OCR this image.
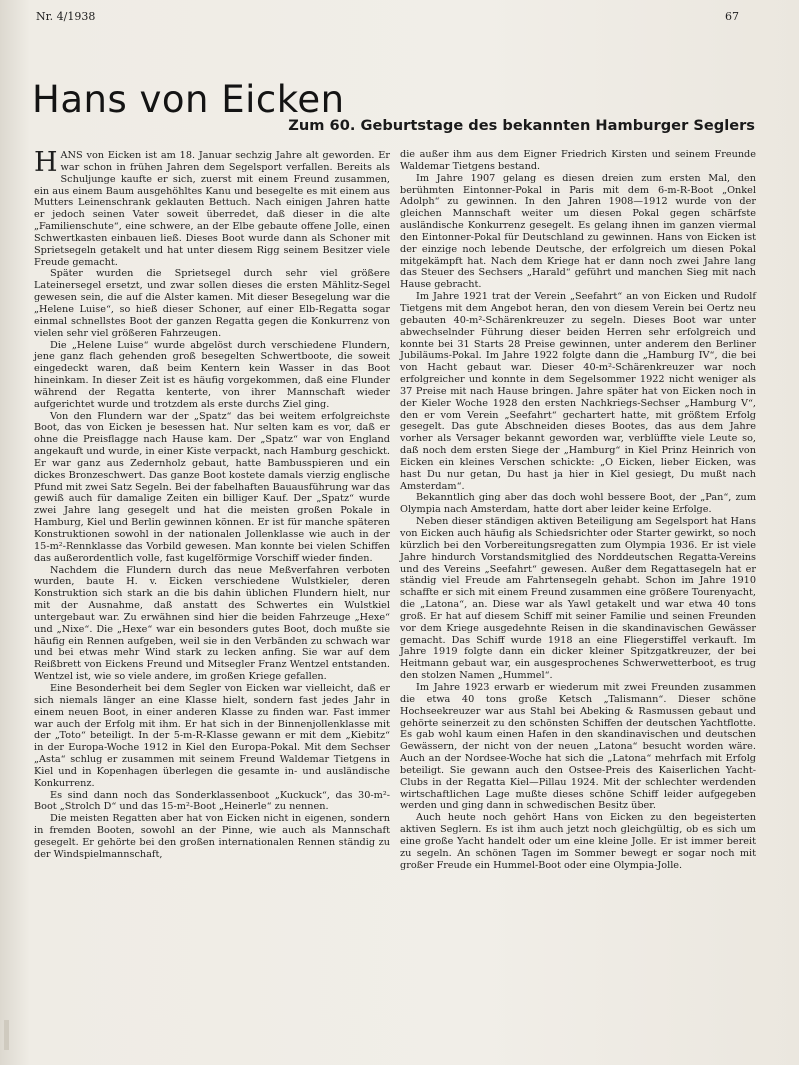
Nr. 4/1938	67
Hans von Eicken
Zum 60. Geburtstage des bekannten Hamburger Seglers

HANS von Eicken ist am 18. Januar sechzig Jahre alt geworden. Er war schon in frühen Jahren dem Segelsport verfallen. Bereits als Schuljunge kaufte er sich, zuerst mit einem Freund zusammen, ein aus einem Baum ausgehöhltes Kanu und besegelte es mit einem aus Mutters Leinenschrank geklauten Bettuch. Nach einigen Jahren hatte er jedoch seinen Vater soweit überredet, daß dieser in die alte „Familienschute“, eine schwere, an der Elbe gebaute offene Jolle, einen Schwertkasten einbauen ließ. Dieses Boot wurde dann als Schoner mit Sprietsegeln getakelt und hat unter diesem Rigg seinem Besitzer viele Freude gemacht.

Später wurden die Sprietsegel durch sehr viel größere Lateinersegel ersetzt, und zwar sollen dieses die ersten Mählitz-Segel gewesen sein, die auf die Alster kamen. Mit dieser Besegelung war die „Helene Luise“, so hieß dieser Schoner, auf einer Elb-Regatta sogar einmal schnellstes Boot der ganzen Regatta gegen die Konkurrenz von vielen sehr viel größeren Fahrzeugen.

Die „Helene Luise“ wurde abgelöst durch verschiedene Flundern, jene ganz flach gehenden groß besegelten Schwertboote, die soweit eingedeckt waren, daß beim Kentern kein Wasser in das Boot hineinkam. In dieser Zeit ist es häufig vorgekommen, daß eine Flunder während der Regatta kenterte, von ihrer Mannschaft wieder aufgerichtet wurde und trotzdem als erste durchs Ziel ging.

Von den Flundern war der „Spatz“ das bei weitem erfolgreichste Boot, das von Eicken je besessen hat. Nur selten kam es vor, daß er ohne die Preisflagge nach Hause kam. Der „Spatz“ war von England angekauft und wurde, in einer Kiste verpackt, nach Hamburg geschickt. Er war ganz aus Zedernholz gebaut, hatte Bambusspieren und ein dickes Bronzeschwert. Das ganze Boot kostete damals vierzig englische Pfund mit zwei Satz Segeln. Bei der fabelhaften Bauausführung war das gewiß auch für damalige Zeiten ein billiger Kauf. Der „Spatz“ wurde zwei Jahre lang gesegelt und hat die meisten großen Pokale in Hamburg, Kiel und Berlin gewinnen können. Er ist für manche späteren Konstruktionen sowohl in der nationalen Jollenklasse wie auch in der 15-m²-Rennklasse das Vorbild gewesen. Man konnte bei vielen Schiffen das außerordentlich volle, fast kugelförmige Vorschiff wieder finden.

Nachdem die Flundern durch das neue Meßverfahren verboten wurden, baute H. v. Eicken verschiedene Wulstkieler, deren Konstruktion sich stark an die bis dahin üblichen Flundern hielt, nur mit der Ausnahme, daß anstatt des Schwertes ein Wulstkiel untergebaut war. Zu erwähnen sind hier die beiden Fahrzeuge „Hexe“ und „Nixe“. Die „Hexe“ war ein besonders gutes Boot, doch mußte sie häufig ein Rennen aufgeben, weil sie in den Verbänden zu schwach war und bei etwas mehr Wind stark zu lecken anfing. Sie war auf dem Reißbrett von Eickens Freund und Mitsegler Franz Wentzel entstanden. Wentzel ist, wie so viele andere, im großen Kriege gefallen.

Eine Besonderheit bei dem Segler von Eicken war vielleicht, daß er sich niemals länger an eine Klasse hielt, sondern fast jedes Jahr in einem neuen Boot, in einer anderen Klasse zu finden war. Fast immer war auch der Erfolg mit ihm. Er hat sich in der Binnenjollenklasse mit der „Toto“ beteiligt. In der 5-m-R-Klasse gewann er mit dem „Kiebitz“ in der Europa-Woche 1912 in Kiel den Europa-Pokal. Mit dem Sechser „Asta“ schlug er zusammen mit seinem Freund Waldemar Tietgens in Kiel und in Kopenhagen überlegen die gesamte in- und ausländische Konkurrenz.

Es sind dann noch das Sonderklassenboot „Kuckuck“, das 30-m²-Boot „Strolch D“ und das 15-m²-Boot „Heinerle“ zu nennen.

Die meisten Regatten aber hat von Eicken nicht in eigenen, sondern in fremden Booten, sowohl an der Pinne, wie auch als Mannschaft gesegelt. Er gehörte bei den großen internationalen Rennen ständig zu der Windspielmannschaft,

die außer ihm aus dem Eigner Friedrich Kirsten und seinem Freunde Waldemar Tietgens bestand.

Im Jahre 1907 gelang es diesen dreien zum ersten Mal, den berühmten Eintonner-Pokal in Paris mit dem 6-m-R-Boot „Onkel Adolph“ zu gewinnen. In den Jahren 1908—1912 wurde von der gleichen Mannschaft weiter um diesen Pokal gegen schärfste ausländische Konkurrenz gesegelt. Es gelang ihnen im ganzen viermal den Eintonner-Pokal für Deutschland zu gewinnen. Hans von Eicken ist der einzige noch lebende Deutsche, der erfolgreich um diesen Pokal mitgekämpft hat. Nach dem Kriege hat er dann noch zwei Jahre lang das Steuer des Sechsers „Harald“ geführt und manchen Sieg mit nach Hause gebracht.

Im Jahre 1921 trat der Verein „Seefahrt“ an von Eicken und Rudolf Tietgens mit dem Angebot heran, den von diesem Verein bei Oertz neu gebauten 40-m²-Schärenkreuzer zu segeln. Dieses Boot war unter abwechselnder Führung dieser beiden Herren sehr erfolgreich und konnte bei 31 Starts 28 Preise gewinnen, unter anderem den Berliner Jubiläums-Pokal. Im Jahre 1922 folgte dann die „Hamburg IV“, die bei von Hacht gebaut war. Dieser 40-m²-Schärenkreuzer war noch erfolgreicher und konnte in dem Segelsommer 1922 nicht weniger als 37 Preise mit nach Hause bringen. Jahre später hat von Eicken noch in der Kieler Woche 1928 den ersten Nachkriegs-Sechser „Hamburg V“, den er vom Verein „Seefahrt“ gechartert hatte, mit größtem Erfolg gesegelt. Das gute Abschneiden dieses Bootes, das aus dem Jahre vorher als Versager bekannt geworden war, verblüffte viele Leute so, daß noch dem ersten Siege der „Hamburg“ in Kiel Prinz Heinrich von Eicken ein kleines Verschen schickte: „O Eicken, lieber Eicken, was hast Du nur getan, Du hast ja hier in Kiel gesiegt, Du mußt nach Amsterdam“.

Bekanntlich ging aber das doch wohl bessere Boot, der „Pan“, zum Olympia nach Amsterdam, hatte dort aber leider keine Erfolge.

Neben dieser ständigen aktiven Beteiligung am Segelsport hat Hans von Eicken auch häufig als Schiedsrichter oder Starter gewirkt, so noch kürzlich bei den Vorbereitungsregatten zum Olympia 1936. Er ist viele Jahre hindurch Vorstandsmitglied des Norddeutschen Regatta-Vereins und des Vereins „Seefahrt“ gewesen. Außer dem Regattasegeln hat er ständig viel Freude am Fahrtensegeln gehabt. Schon im Jahre 1910 schaffte er sich mit einem Freund zusammen eine größere Tourenyacht, die „Latona“, an. Diese war als Yawl getakelt und war etwa 40 tons groß. Er hat auf diesem Schiff mit seiner Familie und seinen Freunden vor dem Kriege ausgedehnte Reisen in die skandinavischen Gewässer gemacht. Das Schiff wurde 1918 an eine Fliegerstiffel verkauft. Im Jahre 1919 folgte dann ein dicker kleiner Spitzgatkreuzer, der bei Heitmann gebaut war, ein ausgesprochenes Schwerwetterboot, es trug den stolzen Namen „Hummel“.

Im Jahre 1923 erwarb er wiederum mit zwei Freunden zusammen die etwa 40 tons große Ketsch „Talismann“. Dieser schöne Hochseekreuzer war aus Stahl bei Abeking & Rasmussen gebaut und gehörte seinerzeit zu den schönsten Schiffen der deutschen Yachtflotte. Es gab wohl kaum einen Hafen in den skandinavischen und deutschen Gewässern, der nicht von der neuen „Latona“ besucht worden wäre. Auch an der Nordsee-Woche hat sich die „Latona“ mehrfach mit Erfolg beteiligt. Sie gewann auch den Ostsee-Preis des Kaiserlichen Yacht-Clubs in der Regatta Kiel—Pillau 1924. Mit der schlechter werdenden wirtschaftlichen Lage mußte dieses schöne Schiff leider aufgegeben werden und ging dann in schwedischen Besitz über.

Auch heute noch gehört Hans von Eicken zu den begeisterten aktiven Seglern. Es ist ihm auch jetzt noch gleichgültig, ob es sich um eine große Yacht handelt oder um eine kleine Jolle. Er ist immer bereit zu segeln. An schönen Tagen im Sommer bewegt er sogar noch mit großer Freude ein Hummel-Boot oder eine Olympia-Jolle.
